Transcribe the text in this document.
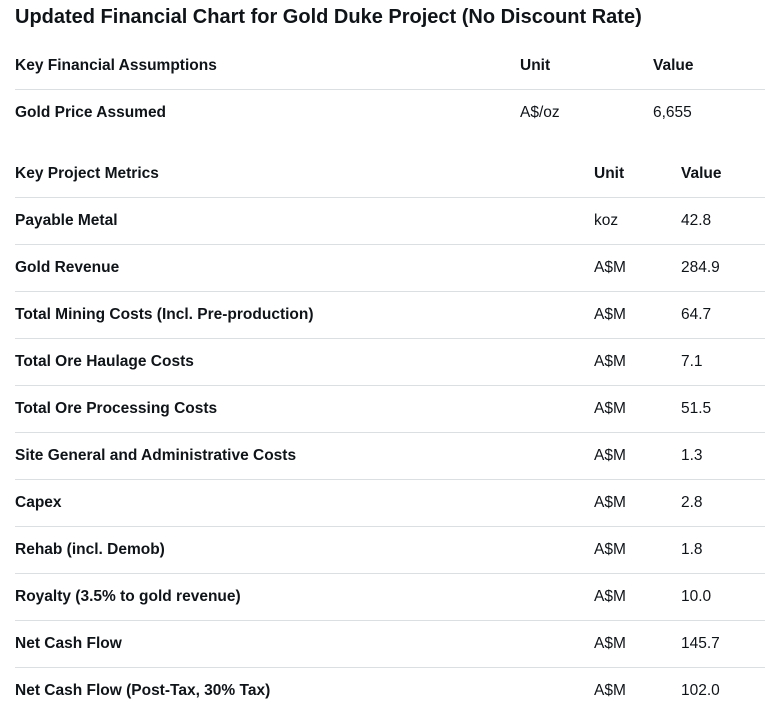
Updated Financial Chart for Gold Duke Project (No Discount Rate)
Key Financial Assumptions	Unit	Value
Gold Price Assumed	A$/oz	6,655
Key Project Metrics	Unit	Value
Payable Metal	koz	42.8
Gold Revenue	A$M	284.9
Total Mining Costs (Incl. Pre-production)	A$M	64.7
Total Ore Haulage Costs	A$M	7.1
Total Ore Processing Costs	A$M	51.5
Site General and Administrative Costs	A$M	1.3
Capex	A$M	2.8
Rehab (incl. Demob)	A$M	1.8
Royalty (3.5% to gold revenue)	A$M	10.0
Net Cash Flow	A$M	145.7
Net Cash Flow (Post-Tax, 30% Tax)	A$M	102.0
